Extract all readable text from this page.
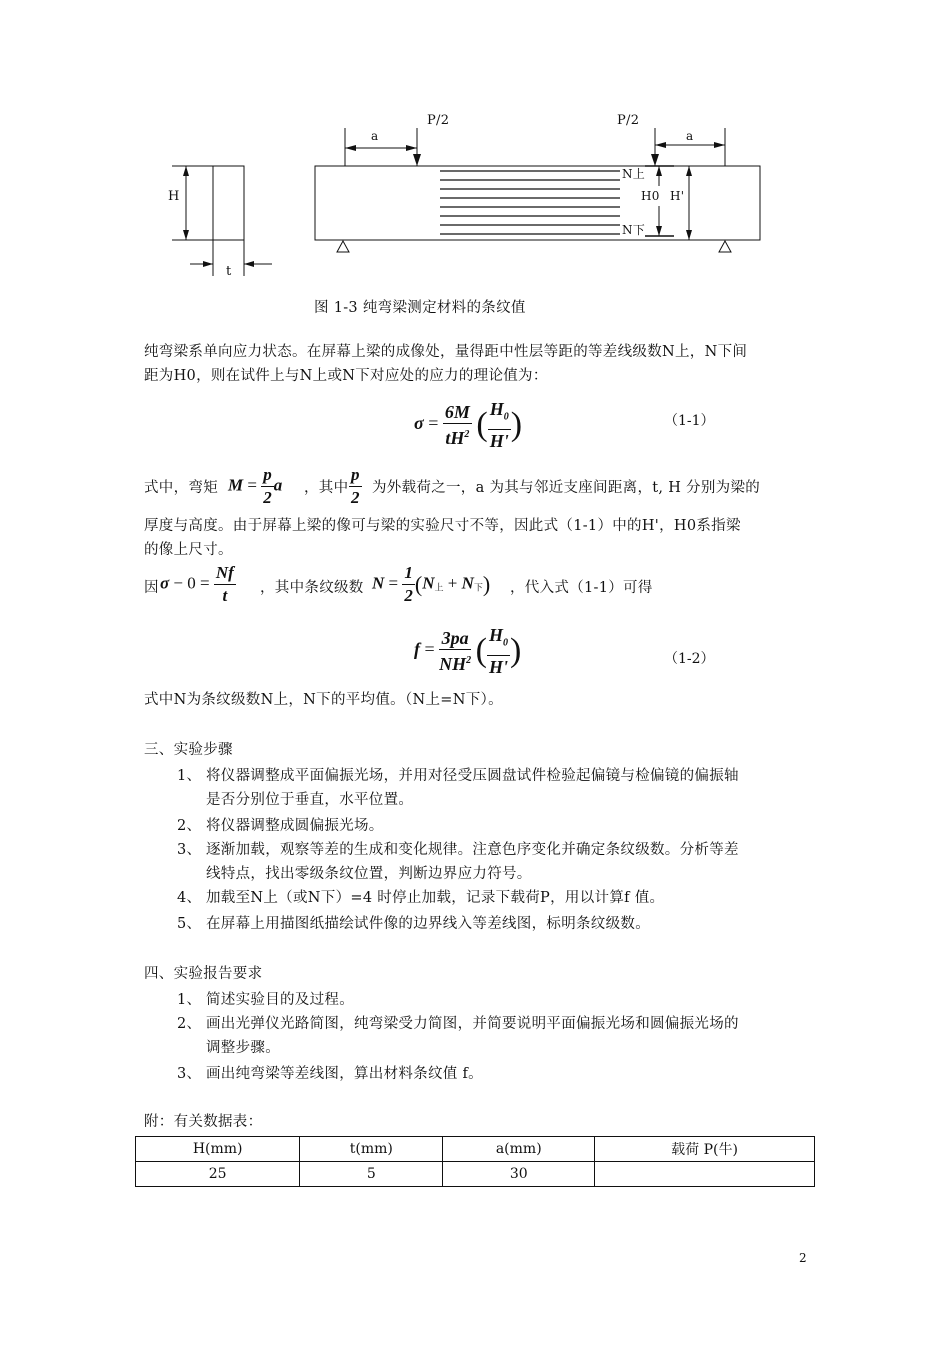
P/2	P/2
a	a
H
t
N上
N下
H0 H'
图 1-3 纯弯梁测定材料的条纹值
纯弯梁系单向应力状态。在屏幕上梁的成像处，量得距中性层等距的等差线级数N上，N下间
距为H0，则在试件上与N上或N下对应处的应力的理论值为：
$\sigma = \frac{6M}{tH^2}$ ( $\frac{H_0}{H'}$ )	（1-1）
式中，弯矩 $M = \frac{p}{2}$ a ，其中 $\frac{p}{2}$ 为外载荷之一，a 为其与邻近支座间距离，t, H 分别为梁的
厚度与高度。由于屏幕上梁的像可与梁的实验尺寸不等，因此式（1-1）中的H'，H0系指梁
的像上尺寸。
因 $\sigma - 0 = \frac{Nf}{t}$ ，其中条纹级数 $N = \frac{1}{2} (N_上 + N_下)$ ，代入式（1-1）可得
$f = \frac{3pa}{NH^2}$ ( $\frac{H_0}{H'}$ )	（1-2）
式中N为条纹级数N上，N下的平均值。（N上=N下）。
三、实验步骤
1、 将仪器调整成平面偏振光场，并用对径受压圆盘试件检验起偏镜与检偏镜的偏振轴
是否分别位于垂直，水平位置。
2、 将仪器调整成圆偏振光场。
3、 逐渐加载，观察等差的生成和变化规律。注意色序变化并确定条纹级数。分析等差
线特点，找出零级条纹位置，判断边界应力符号。
4、 加载至N上（或N下）=4 时停止加载，记录下载荷P，用以计算f 值。
5、 在屏幕上用描图纸描绘试件像的边界线入等差线图，标明条纹级数。
四、实验报告要求
1、 简述实验目的及过程。
2、 画出光弹仪光路简图，纯弯梁受力简图，并简要说明平面偏振光场和圆偏振光场的
调整步骤。
3、 画出纯弯梁等差线图，算出材料条纹值 f。
附：有关数据表：
H(mm)	t(mm)	a(mm)	载荷 P(牛)
25	5	30	
2
